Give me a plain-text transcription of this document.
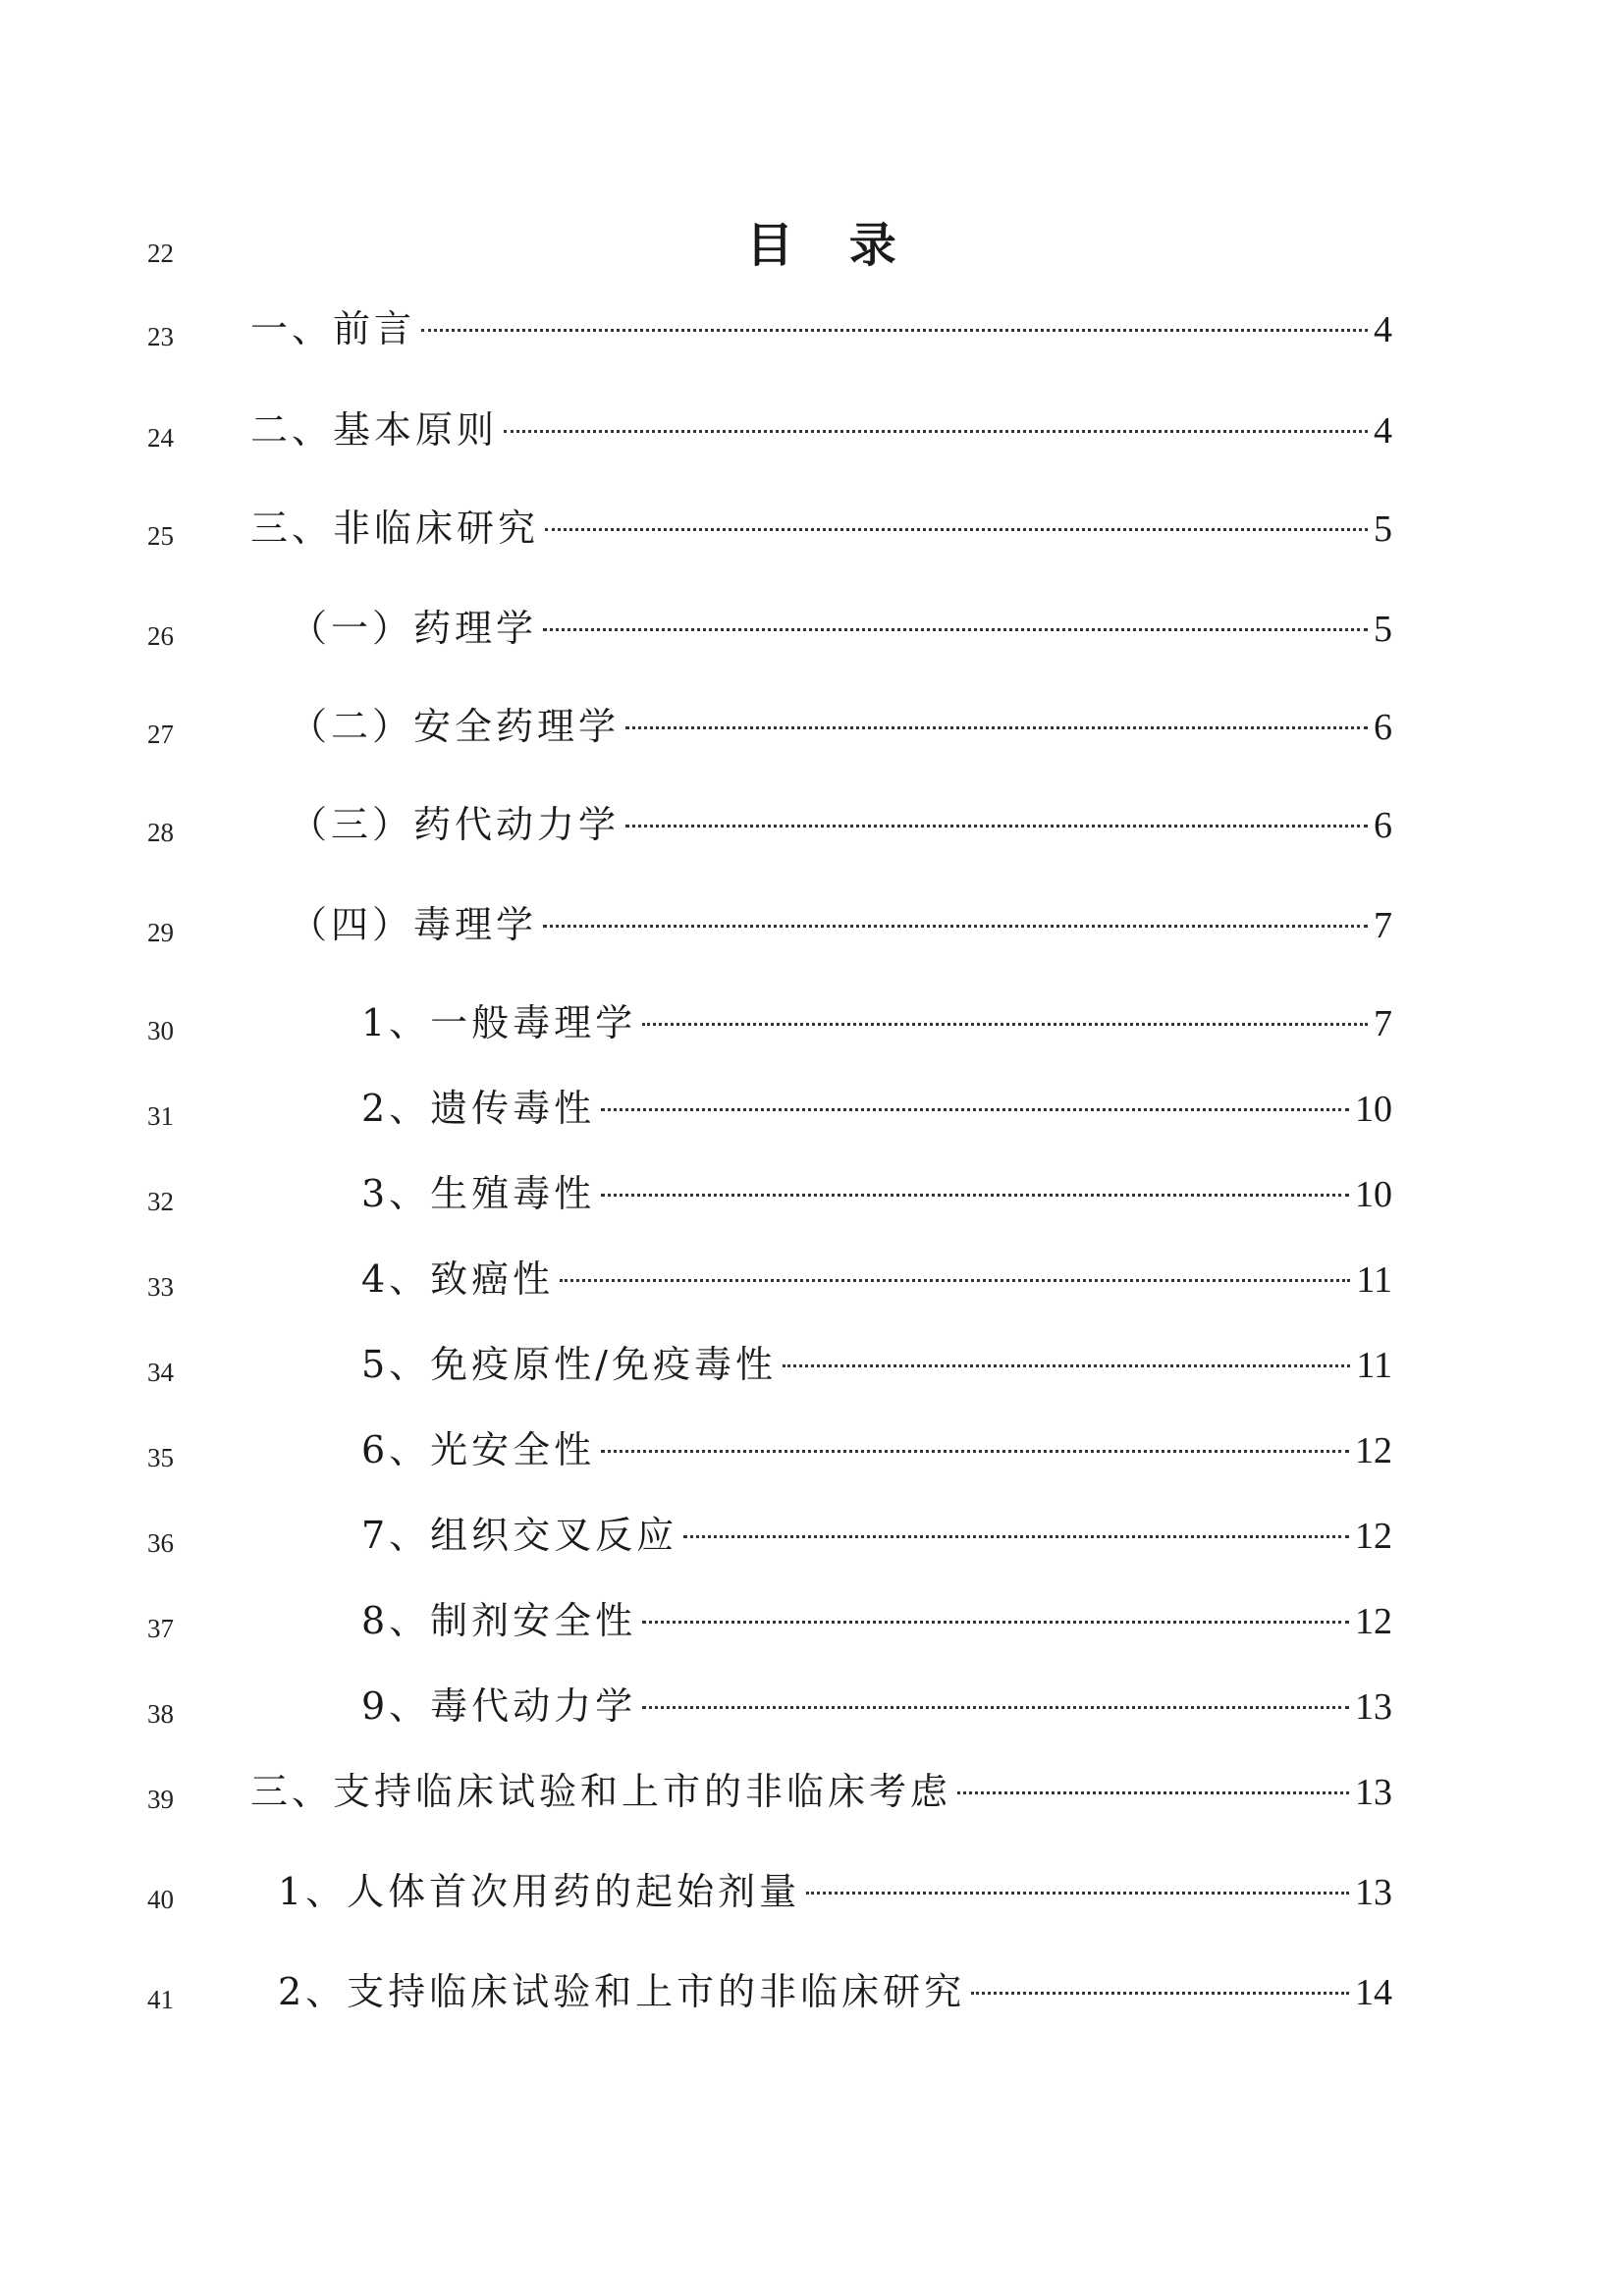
22	目 录
23	一、前言	4
24	二、基本原则	4
25	三、非临床研究	5
26	（一）药理学	5
27	（二）安全药理学	6
28	（三）药代动力学	6
29	（四）毒理学	7
30	1、一般毒理学	7
31	2、遗传毒性	10
32	3、生殖毒性	10
33	4、致癌性	11
34	5、免疫原性/免疫毒性	11
35	6、光安全性	12
36	7、组织交叉反应	12
37	8、制剂安全性	12
38	9、毒代动力学	13
39	三、支持临床试验和上市的非临床考虑	13
40	1、人体首次用药的起始剂量	13
41	2、支持临床试验和上市的非临床研究	14
